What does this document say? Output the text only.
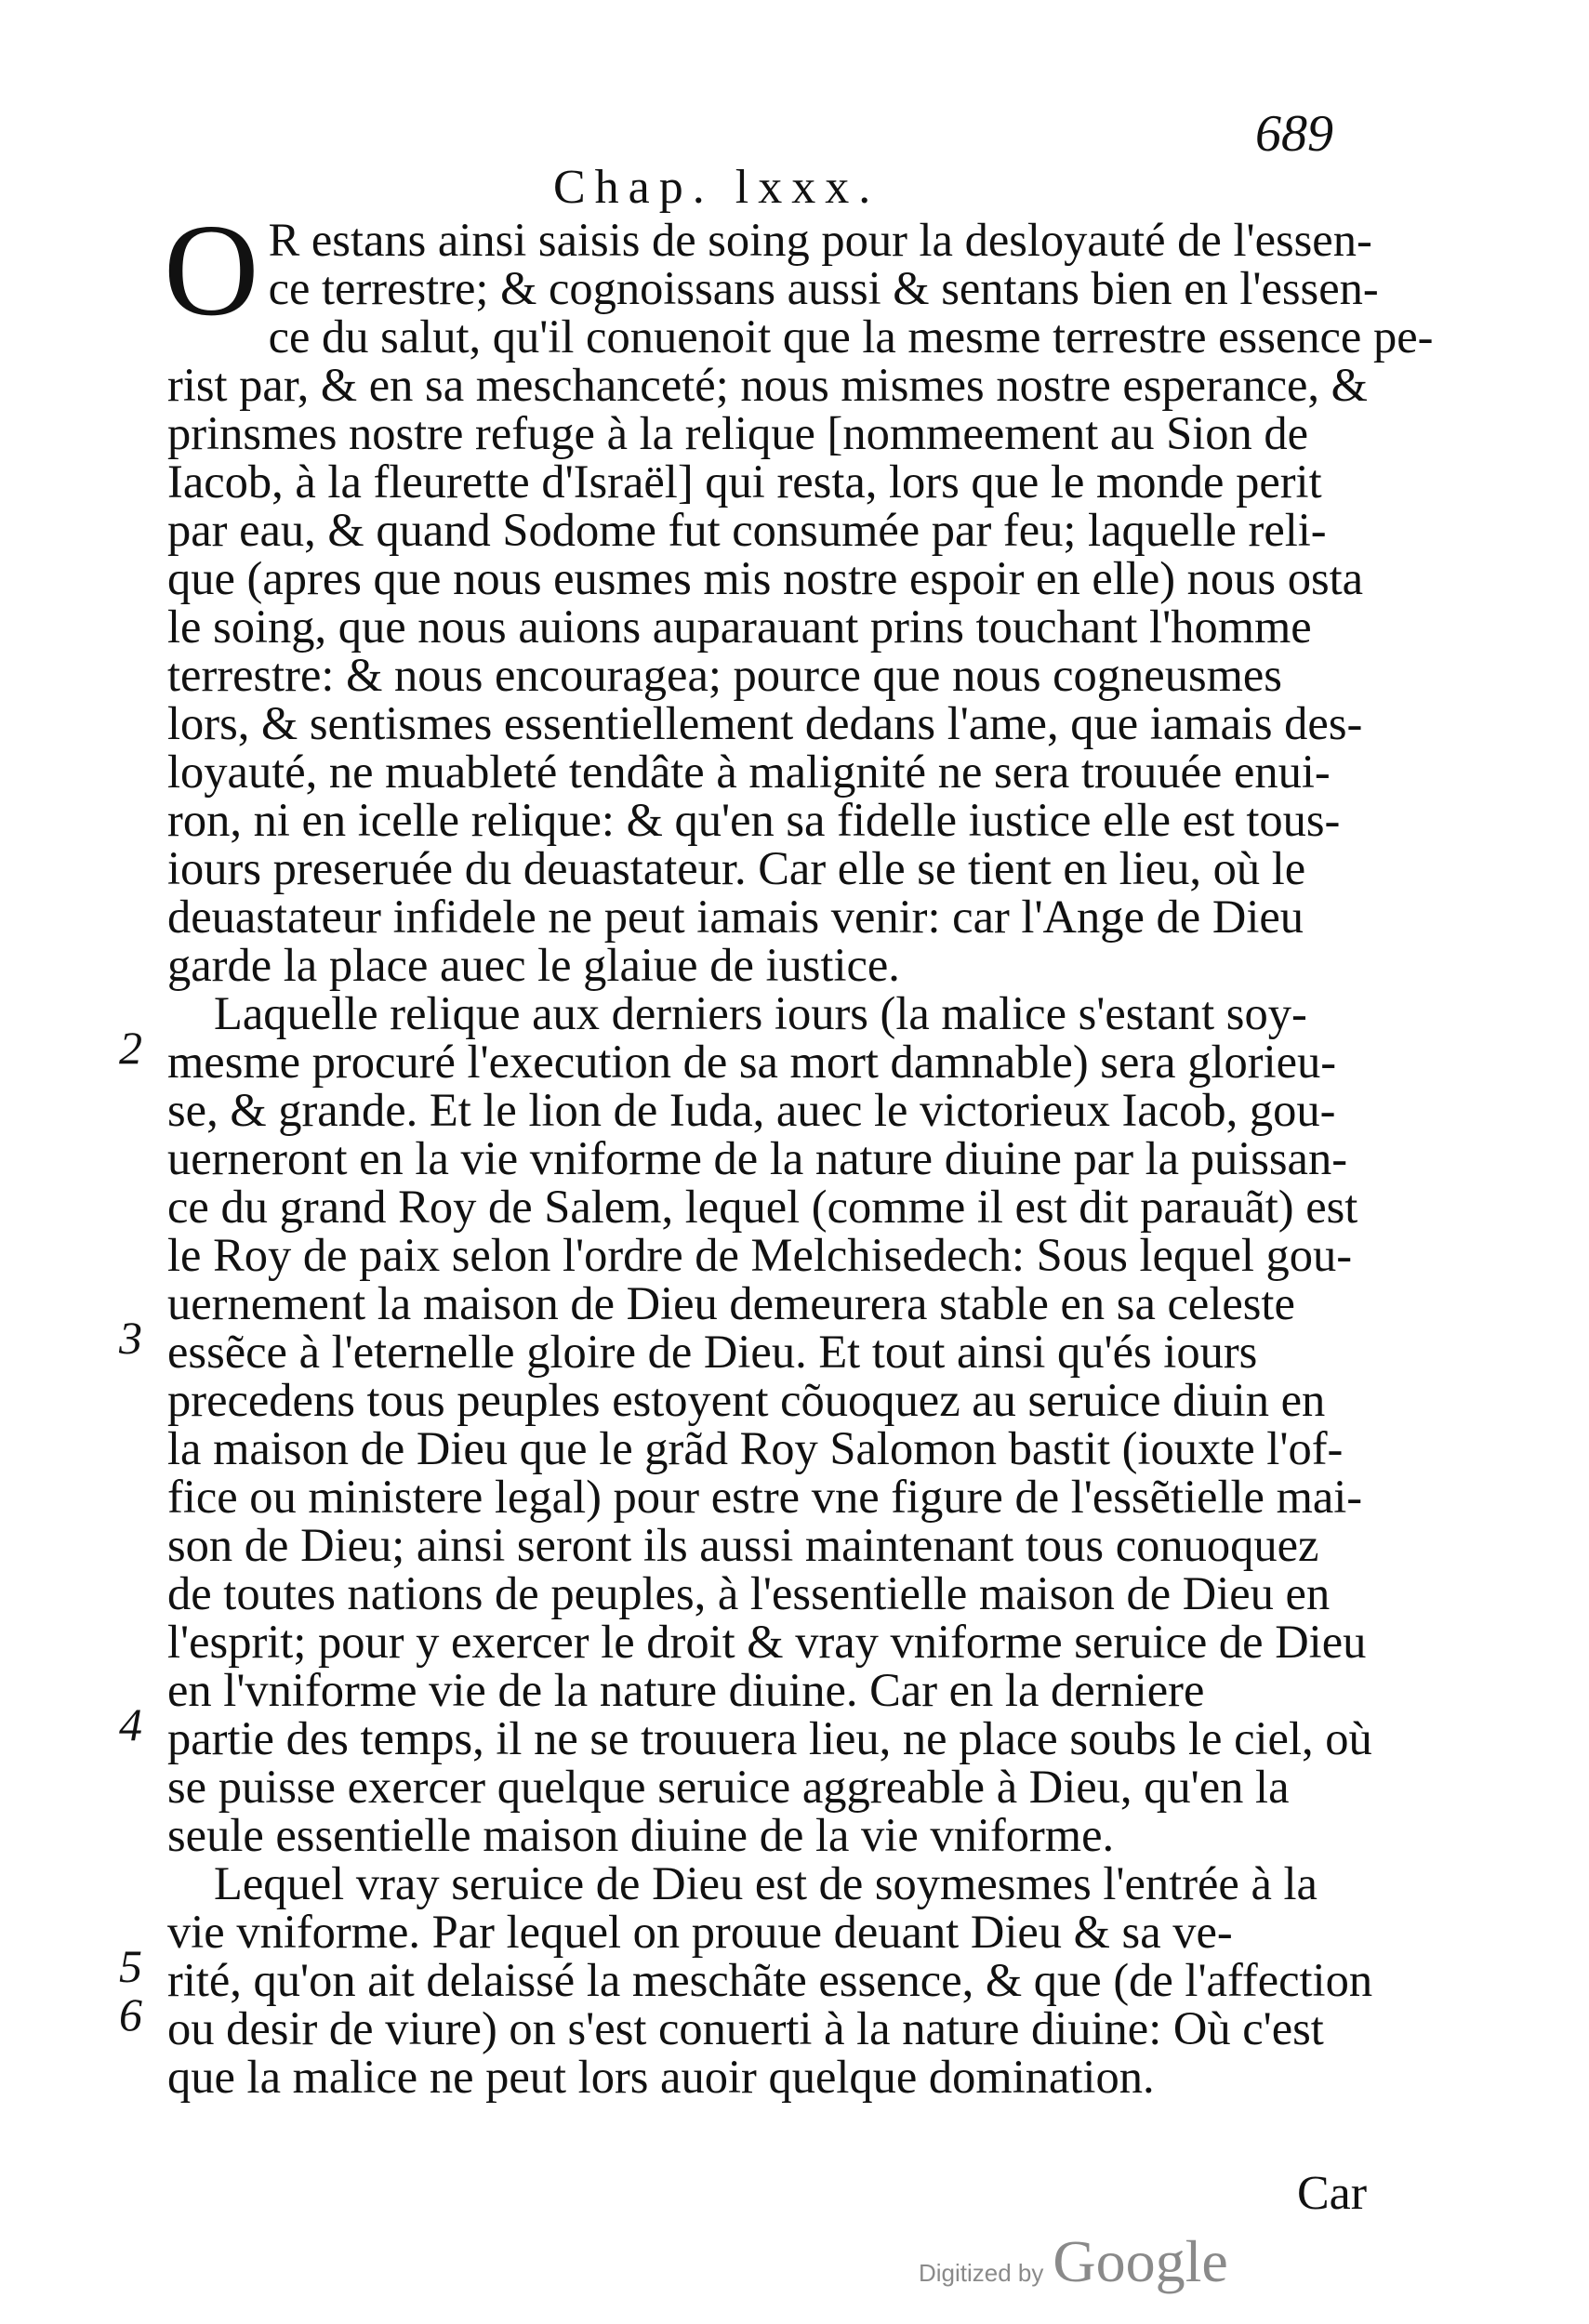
689
Chap. lxxx.
2
3
4
5
6
O R estans ainsi saisis de soing pour la desloyauté de l'essen-
ce terrestre; & cognoissans aussi & sentans bien en l'essen-
ce du salut, qu'il conuenoit que la mesme terrestre essence pe-
rist par, & en sa meschanceté; nous mismes nostre esperance, &
prinsmes nostre refuge à la relique [nommeement au Sion de
Iacob, à la fleurette d'Israël] qui resta, lors que le monde perit
par eau, & quand Sodome fut consumée par feu; laquelle reli-
que (apres que nous eusmes mis nostre espoir en elle) nous osta
le soing, que nous auions auparauant prins touchant l'homme
terrestre: & nous encouragea; pource que nous cogneusmes
lors, & sentismes essentiellement dedans l'ame, que iamais des-
loyauté, ne muableté tendâte à malignité ne sera trouuée enui-
ron, ni en icelle relique: & qu'en sa fidelle iustice elle est tous-
iours preseruée du deuastateur. Car elle se tient en lieu, où le
deuastateur infidele ne peut iamais venir: car l'Ange de Dieu
garde la place auec le glaiue de iustice.
Laquelle relique aux derniers iours (la malice s'estant soy-
mesme procuré l'execution de sa mort damnable) sera glorieu-
se, & grande. Et le lion de Iuda, auec le victorieux Iacob, gou-
uerneront en la vie vniforme de la nature diuine par la puissan-
ce du grand Roy de Salem, lequel (comme il est dit parauãt) est
le Roy de paix selon l'ordre de Melchisedech: Sous lequel gou-
uernement la maison de Dieu demeurera stable en sa celeste
essẽce à l'eternelle gloire de Dieu. Et tout ainsi qu'és iours
precedens tous peuples estoyent cõuoquez au seruice diuin en
la maison de Dieu que le grãd Roy Salomon bastit (iouxte l'of-
fice ou ministere legal) pour estre vne figure de l'essẽtielle mai-
son de Dieu; ainsi seront ils aussi maintenant tous conuoquez
de toutes nations de peuples, à l'essentielle maison de Dieu en
l'esprit; pour y exercer le droit & vray vniforme seruice de Dieu
en l'vniforme vie de la nature diuine. Car en la derniere
partie des temps, il ne se trouuera lieu, ne place soubs le ciel, où
se puisse exercer quelque seruice aggreable à Dieu, qu'en la
seule essentielle maison diuine de la vie vniforme.
Lequel vray seruice de Dieu est de soymesmes l'entrée à la
vie vniforme. Par lequel on prouue deuant Dieu & sa ve-
rité, qu'on ait delaissé la meschãte essence, & que (de l'affection
ou desir de viure) on s'est conuerti à la nature diuine: Où c'est
que la malice ne peut lors auoir quelque domination.
Car
Digitized by Google
